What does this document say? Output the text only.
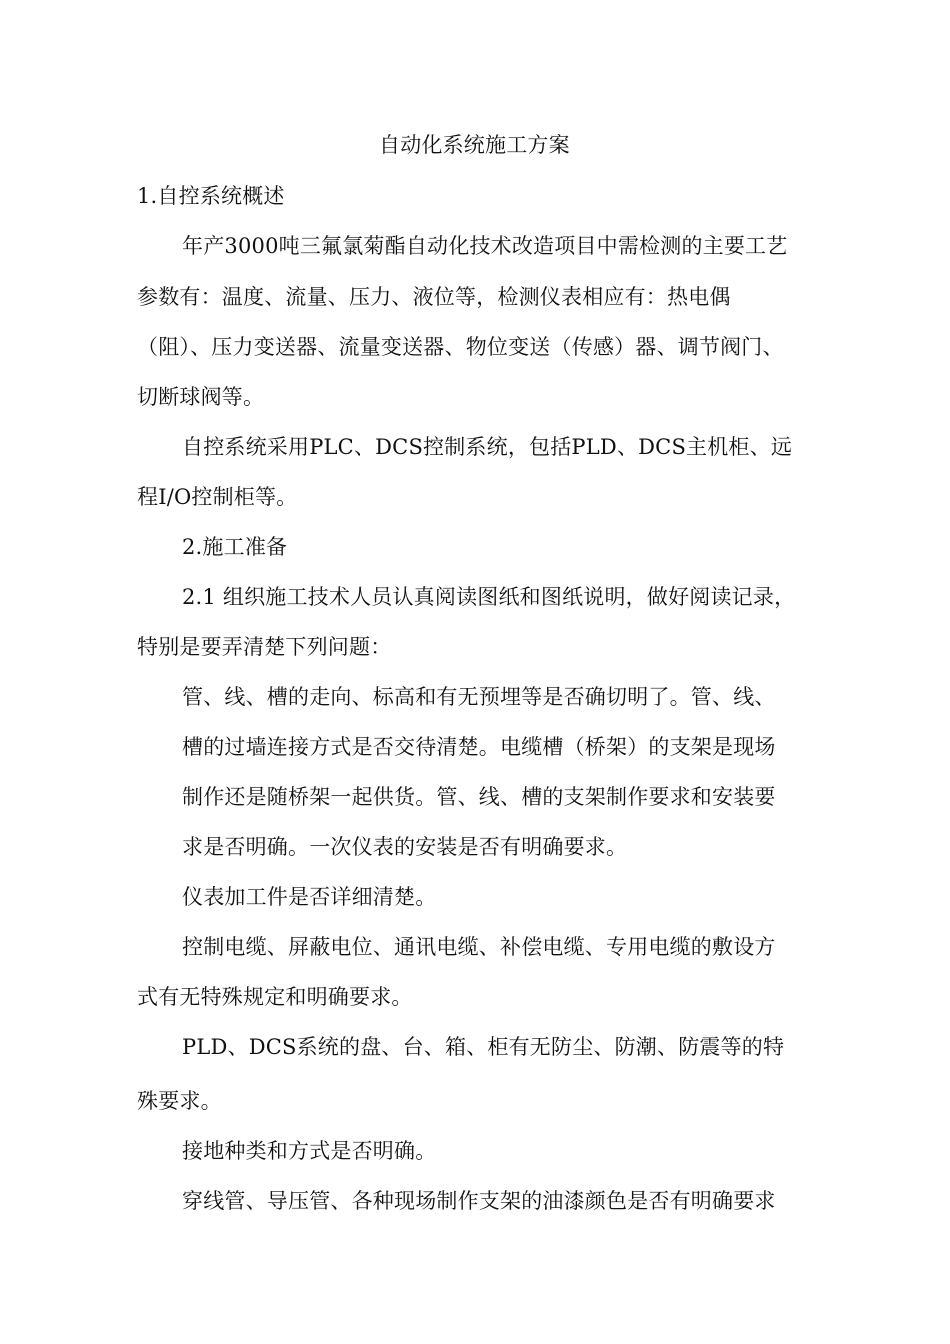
自动化系统施工方案
1.自控系统概述
年产3000吨三氟氯菊酯自动化技术改造项目中需检测的主要工艺
参数有：温度、流量、压力、液位等，检测仪表相应有：热电偶
（阻）、压力变送器、流量变送器、物位变送（传感）器、调节阀门、
切断球阀等。
自控系统采用PLC、DCS控制系统，包括PLD、DCS主机柜、远
程I/O控制柜等。
2.施工准备
2.1 组织施工技术人员认真阅读图纸和图纸说明，做好阅读记录，
特别是要弄清楚下列问题：
管、线、槽的走向、标高和有无预埋等是否确切明了。管、线、
槽的过墙连接方式是否交待清楚。电缆槽（桥架）的支架是现场
制作还是随桥架一起供货。管、线、槽的支架制作要求和安装要
求是否明确。一次仪表的安装是否有明确要求。
仪表加工件是否详细清楚。
控制电缆、屏蔽电位、通讯电缆、补偿电缆、专用电缆的敷设方
式有无特殊规定和明确要求。
PLD、DCS系统的盘、台、箱、柜有无防尘、防潮、防震等的特
殊要求。
接地种类和方式是否明确。
穿线管、导压管、各种现场制作支架的油漆颜色是否有明确要求
